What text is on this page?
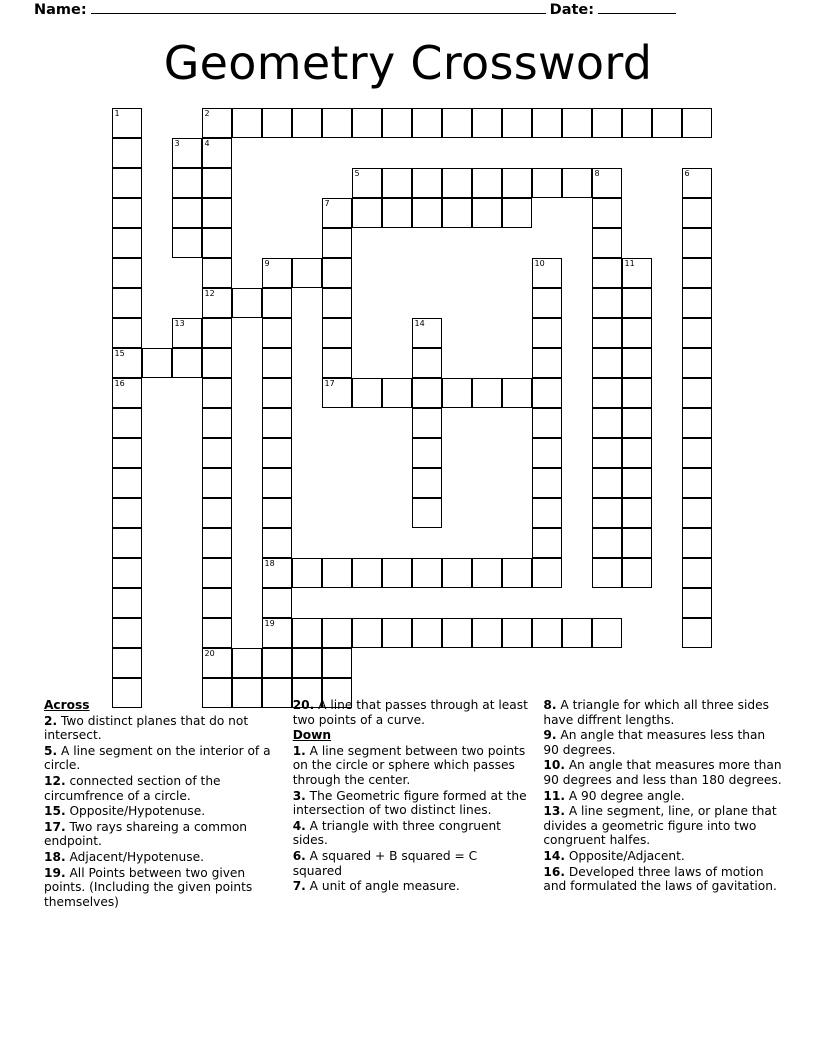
Name:	Date:
Geometry Crossword
1
15
16
3
13
2
4
12
20
9
18
19
7
17
5
14
10
8
11
6
Across

2. Two distinct planes that do not intersect.

5. A line segment on the interior of a circle.

12. connected section of the circumfrence of a circle.

15. Opposite/Hypotenuse.

17. Two rays shareing a common endpoint.

18. Adjacent/Hypotenuse.

19. All Points between two given points. (Including the given points themselves)

20. A line that passes through at least two points of a curve.

Down

1. A line segment between two points on the circle or sphere which passes through the center.

3. The Geometric figure formed at the intersection of two distinct lines.

4. A triangle with three congruent sides.

6. A squared + B squared = C squared

7. A unit of angle measure.

8. A triangle for which all three sides have diffrent lengths.

9. An angle that measures less than 90 degrees.

10. An angle that measures more than 90 degrees and less than 180 degrees.

11. A 90 degree angle.

13. A line segment, line, or plane that divides a geometric figure into two congruent halfes.

14. Opposite/Adjacent.

16. Developed three laws of motion and formulated the laws of gavitation.
